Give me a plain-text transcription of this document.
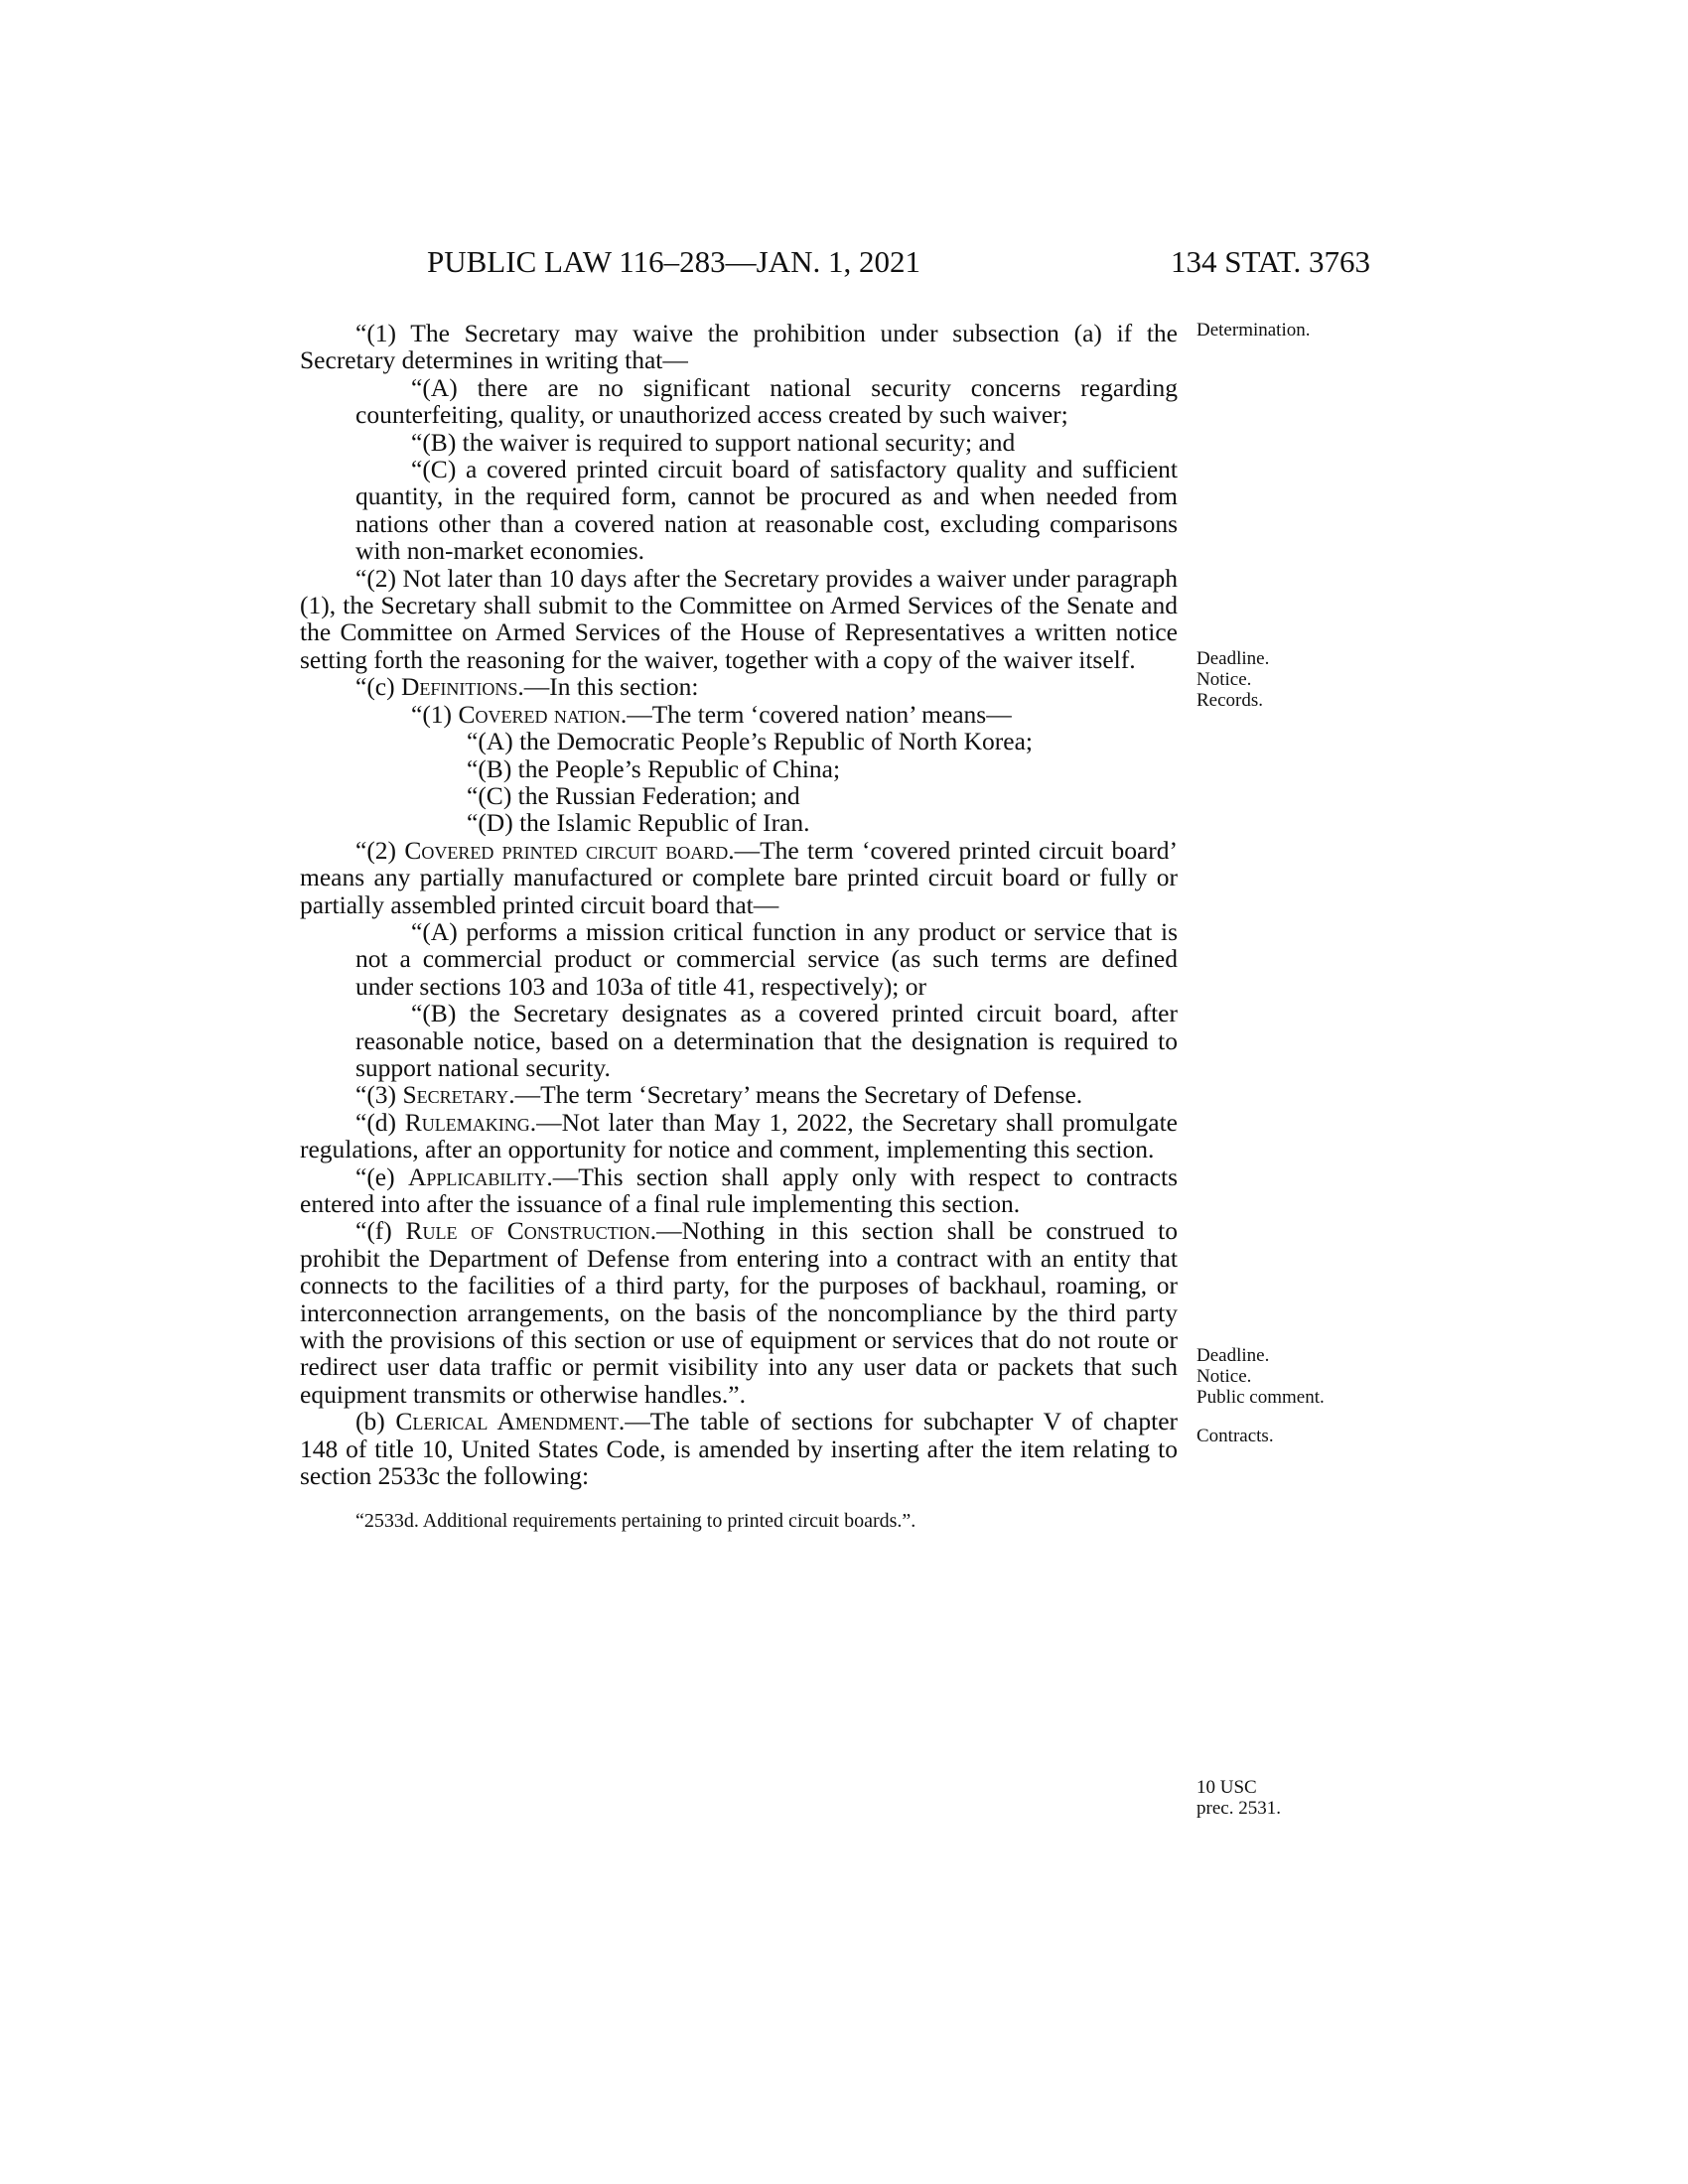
PUBLIC LAW 116–283—JAN. 1, 2021	134 STAT. 3763

“(1) The Secretary may waive the prohibition under subsection (a) if the Secretary determines in writing that—

“(A) there are no significant national security concerns regarding counterfeiting, quality, or unauthorized access created by such waiver;

“(B) the waiver is required to support national security; and

“(C) a covered printed circuit board of satisfactory quality and sufficient quantity, in the required form, cannot be procured as and when needed from nations other than a covered nation at reasonable cost, excluding comparisons with non-market economies.

“(2) Not later than 10 days after the Secretary provides a waiver under paragraph (1), the Secretary shall submit to the Committee on Armed Services of the Senate and the Committee on Armed Services of the House of Representatives a written notice setting forth the reasoning for the waiver, together with a copy of the waiver itself.

“(c) Definitions.—In this section:

“(1) Covered nation.—The term ‘covered nation’ means—

“(A) the Democratic People’s Republic of North Korea;

“(B) the People’s Republic of China;

“(C) the Russian Federation; and

“(D) the Islamic Republic of Iran.

“(2) Covered printed circuit board.—The term ‘covered printed circuit board’ means any partially manufactured or complete bare printed circuit board or fully or partially assembled printed circuit board that—

“(A) performs a mission critical function in any product or service that is not a commercial product or commercial service (as such terms are defined under sections 103 and 103a of title 41, respectively); or

“(B) the Secretary designates as a covered printed circuit board, after reasonable notice, based on a determination that the designation is required to support national security.

“(3) Secretary.—The term ‘Secretary’ means the Secretary of Defense.

“(d) Rulemaking.—Not later than May 1, 2022, the Secretary shall promulgate regulations, after an opportunity for notice and comment, implementing this section.

“(e) Applicability.—This section shall apply only with respect to contracts entered into after the issuance of a final rule implementing this section.

“(f) Rule of Construction.—Nothing in this section shall be construed to prohibit the Department of Defense from entering into a contract with an entity that connects to the facilities of a third party, for the purposes of backhaul, roaming, or interconnection arrangements, on the basis of the noncompliance by the third party with the provisions of this section or use of equipment or services that do not route or redirect user data traffic or permit visibility into any user data or packets that such equipment transmits or otherwise handles.”.

(b) Clerical Amendment.—The table of sections for subchapter V of chapter 148 of title 10, United States Code, is amended by inserting after the item relating to section 2533c the following:

“2533d. Additional requirements pertaining to printed circuit boards.”.

Determination.
Deadline.
Notice.
Records.
Deadline.
Notice.
Public comment.
Contracts.
10 USC
prec. 2531.
